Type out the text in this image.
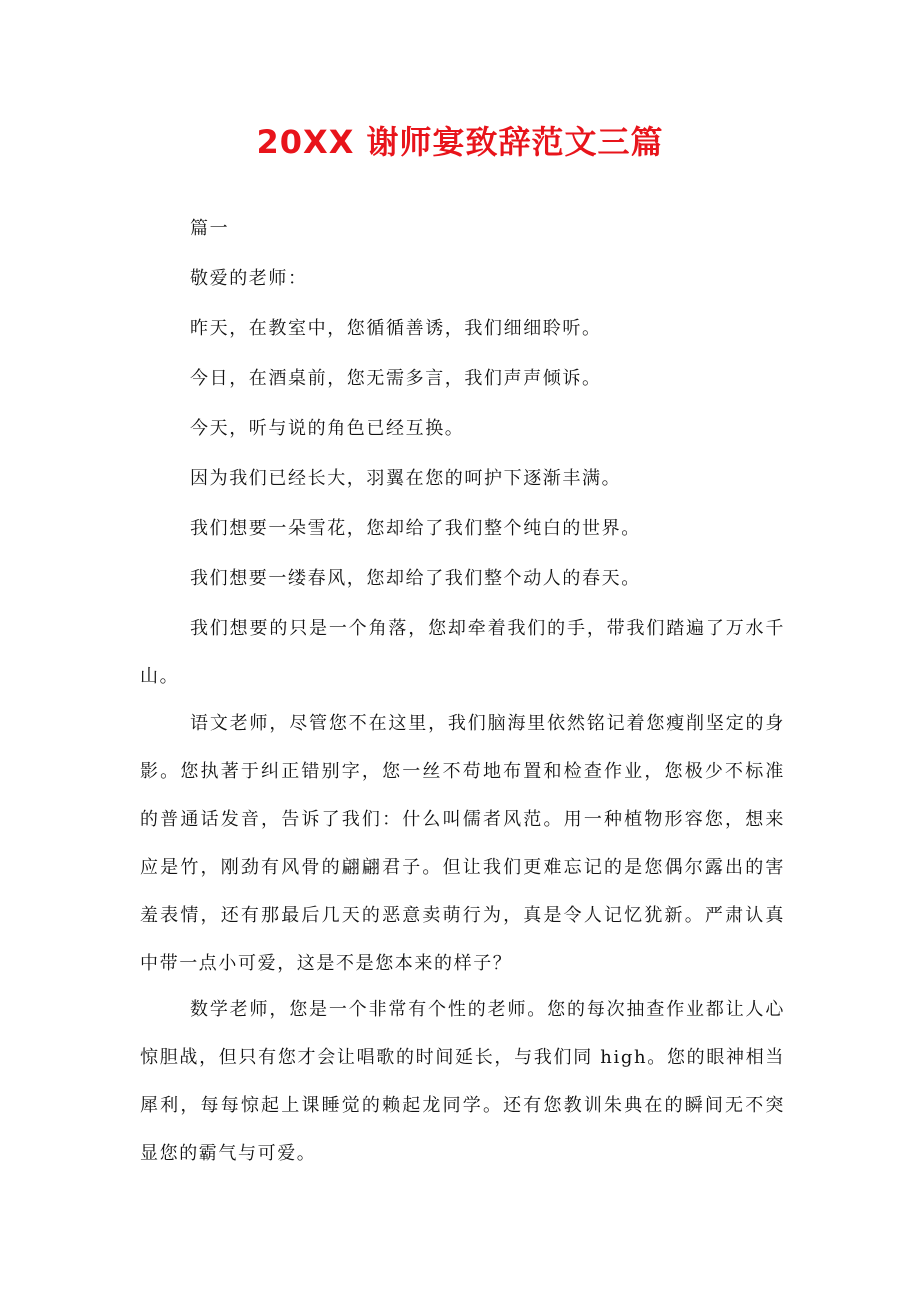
20XX 谢师宴致辞范文三篇
篇一
敬爱的老师：
昨天，在教室中，您循循善诱，我们细细聆听。
今日，在酒桌前，您无需多言，我们声声倾诉。
今天，听与说的角色已经互换。
因为我们已经长大，羽翼在您的呵护下逐渐丰满。
我们想要一朵雪花，您却给了我们整个纯白的世界。
我们想要一缕春风，您却给了我们整个动人的春天。

我们想要的只是一个角落，您却牵着我们的手，带我们踏遍了万水千山。

语文老师，尽管您不在这里，我们脑海里依然铭记着您瘦削坚定的身影。您执著于纠正错别字，您一丝不苟地布置和检查作业，您极少不标准的普通话发音，告诉了我们：什么叫儒者风范。用一种植物形容您，想来应是竹，刚劲有风骨的翩翩君子。但让我们更难忘记的是您偶尔露出的害羞表情，还有那最后几天的恶意卖萌行为，真是令人记忆犹新。严肃认真中带一点小可爱，这是不是您本来的样子？

数学老师，您是一个非常有个性的老师。您的每次抽查作业都让人心惊胆战，但只有您才会让唱歌的时间延长，与我们同 high。您的眼神相当犀利，每每惊起上课睡觉的赖起龙同学。还有您教训朱典在的瞬间无不突显您的霸气与可爱。
